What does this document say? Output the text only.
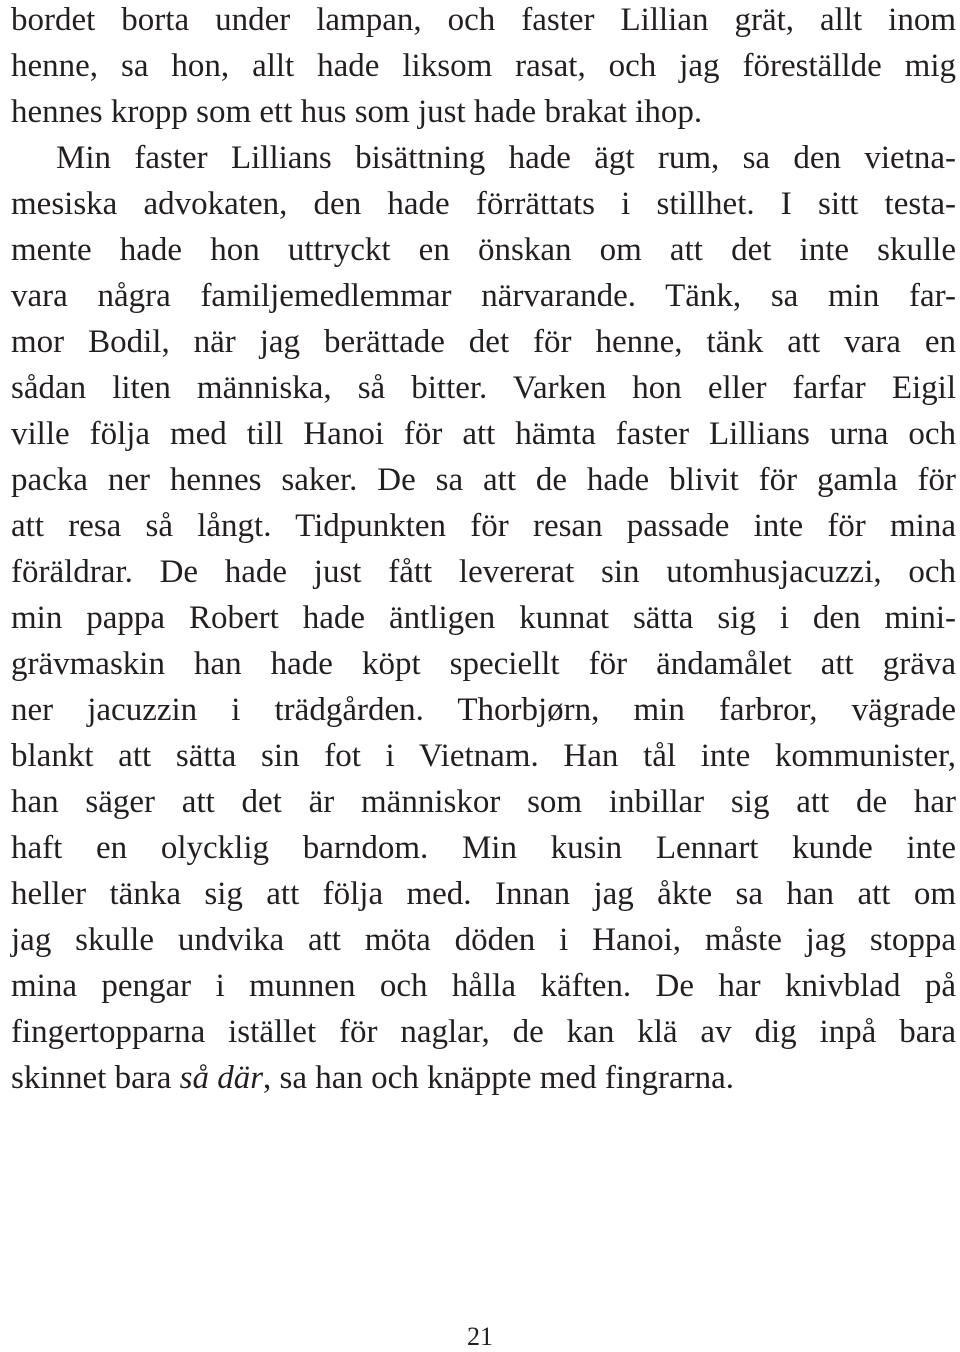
bordet borta under lampan, och faster Lillian grät, allt inom
henne, sa hon, allt hade liksom rasat, och jag föreställde mig
hennes kropp som ett hus som just hade brakat ihop.
Min faster Lillians bisättning hade ägt rum, sa den vietna-
mesiska advokaten, den hade förrättats i stillhet. I sitt testa-
mente hade hon uttryckt en önskan om att det inte skulle
vara några familjemedlemmar närvarande. Tänk, sa min far-
mor Bodil, när jag berättade det för henne, tänk att vara en
sådan liten människa, så bitter. Varken hon eller farfar Eigil
ville följa med till Hanoi för att hämta faster Lillians urna och
packa ner hennes saker. De sa att de hade blivit för gamla för
att resa så långt. Tidpunkten för resan passade inte för mina
föräldrar. De hade just fått levererat sin utomhusjacuzzi, och
min pappa Robert hade äntligen kunnat sätta sig i den mini-
grävmaskin han hade köpt speciellt för ändamålet att gräva
ner jacuzzin i trädgården. Thorbjørn, min farbror, vägrade
blankt att sätta sin fot i Vietnam. Han tål inte kommunister,
han säger att det är människor som inbillar sig att de har
haft en olycklig barndom. Min kusin Lennart kunde inte
heller tänka sig att följa med. Innan jag åkte sa han att om
jag skulle undvika att möta döden i Hanoi, måste jag stoppa
mina pengar i munnen och hålla käften. De har knivblad på
fingertopparna istället för naglar, de kan klä av dig inpå bara
skinnet bara så där, sa han och knäppte med fingrarna.
21
